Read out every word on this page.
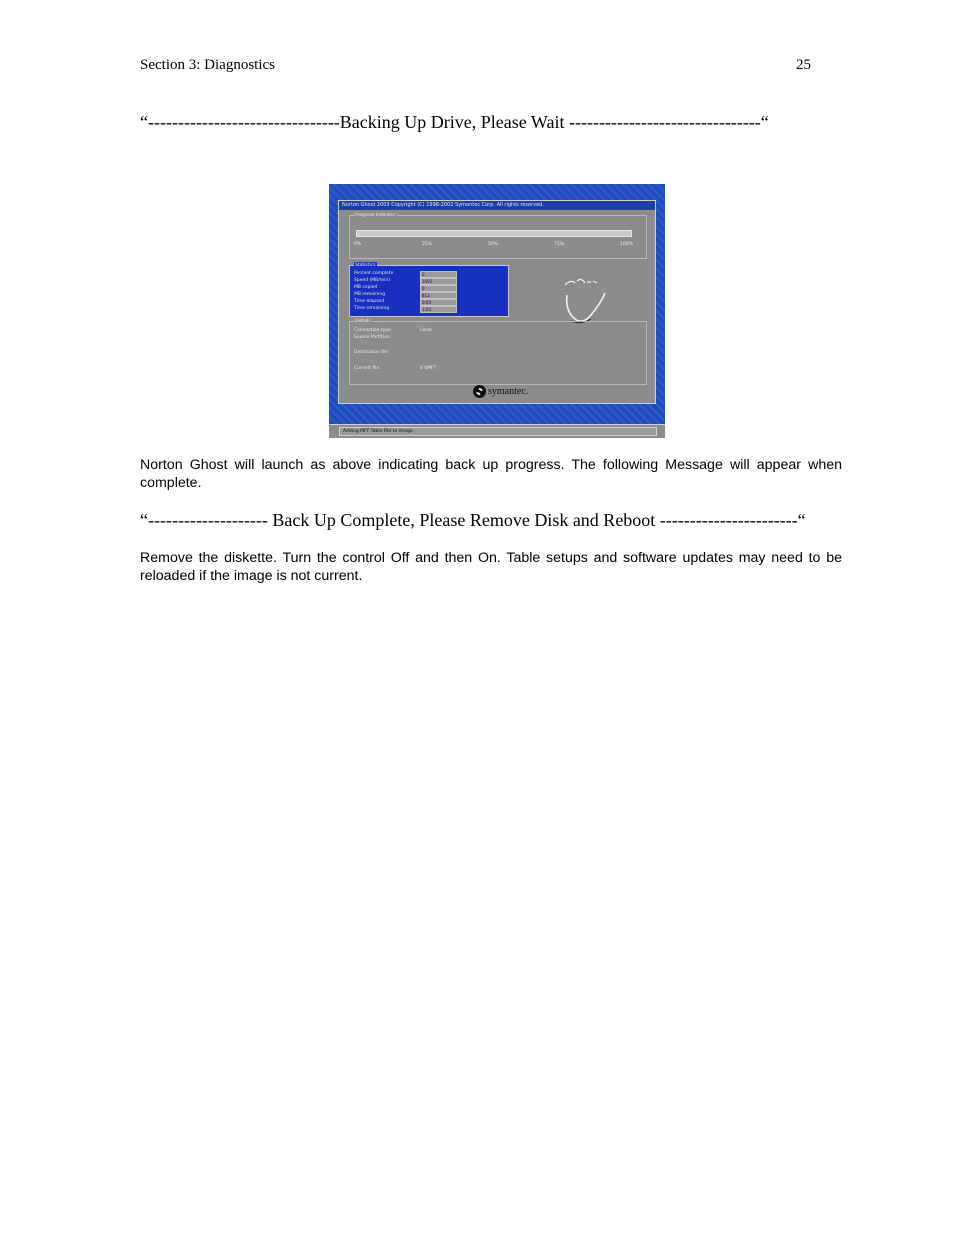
Section 3: Diagnostics	25
“--------------------------------Backing Up Drive, Please Wait --------------------------------“
Norton Ghost 2003 Copyright (C) 1998-2002 Symantec Corp. All rights reserved.
Progress Indicator
0%	25%	50%	75%	100%
Statistics
Percent complete	0
Speed (MB/min)	1692
MB copied	0
MB remaining	812
Time elapsed	0:03
Time remaining	1:03
Details
Connection type	Local
Source Partition
Destination file
Current file	8 $MFT
symantec.
Adding MFT Table File to image
Norton Ghost will launch as above indicating back up progress. The following Message will appear when complete.
“-------------------- Back Up Complete, Please Remove Disk and Reboot -----------------------“
Remove the diskette. Turn the control Off and then On. Table setups and software updates may need to be reloaded if the image is not current.
